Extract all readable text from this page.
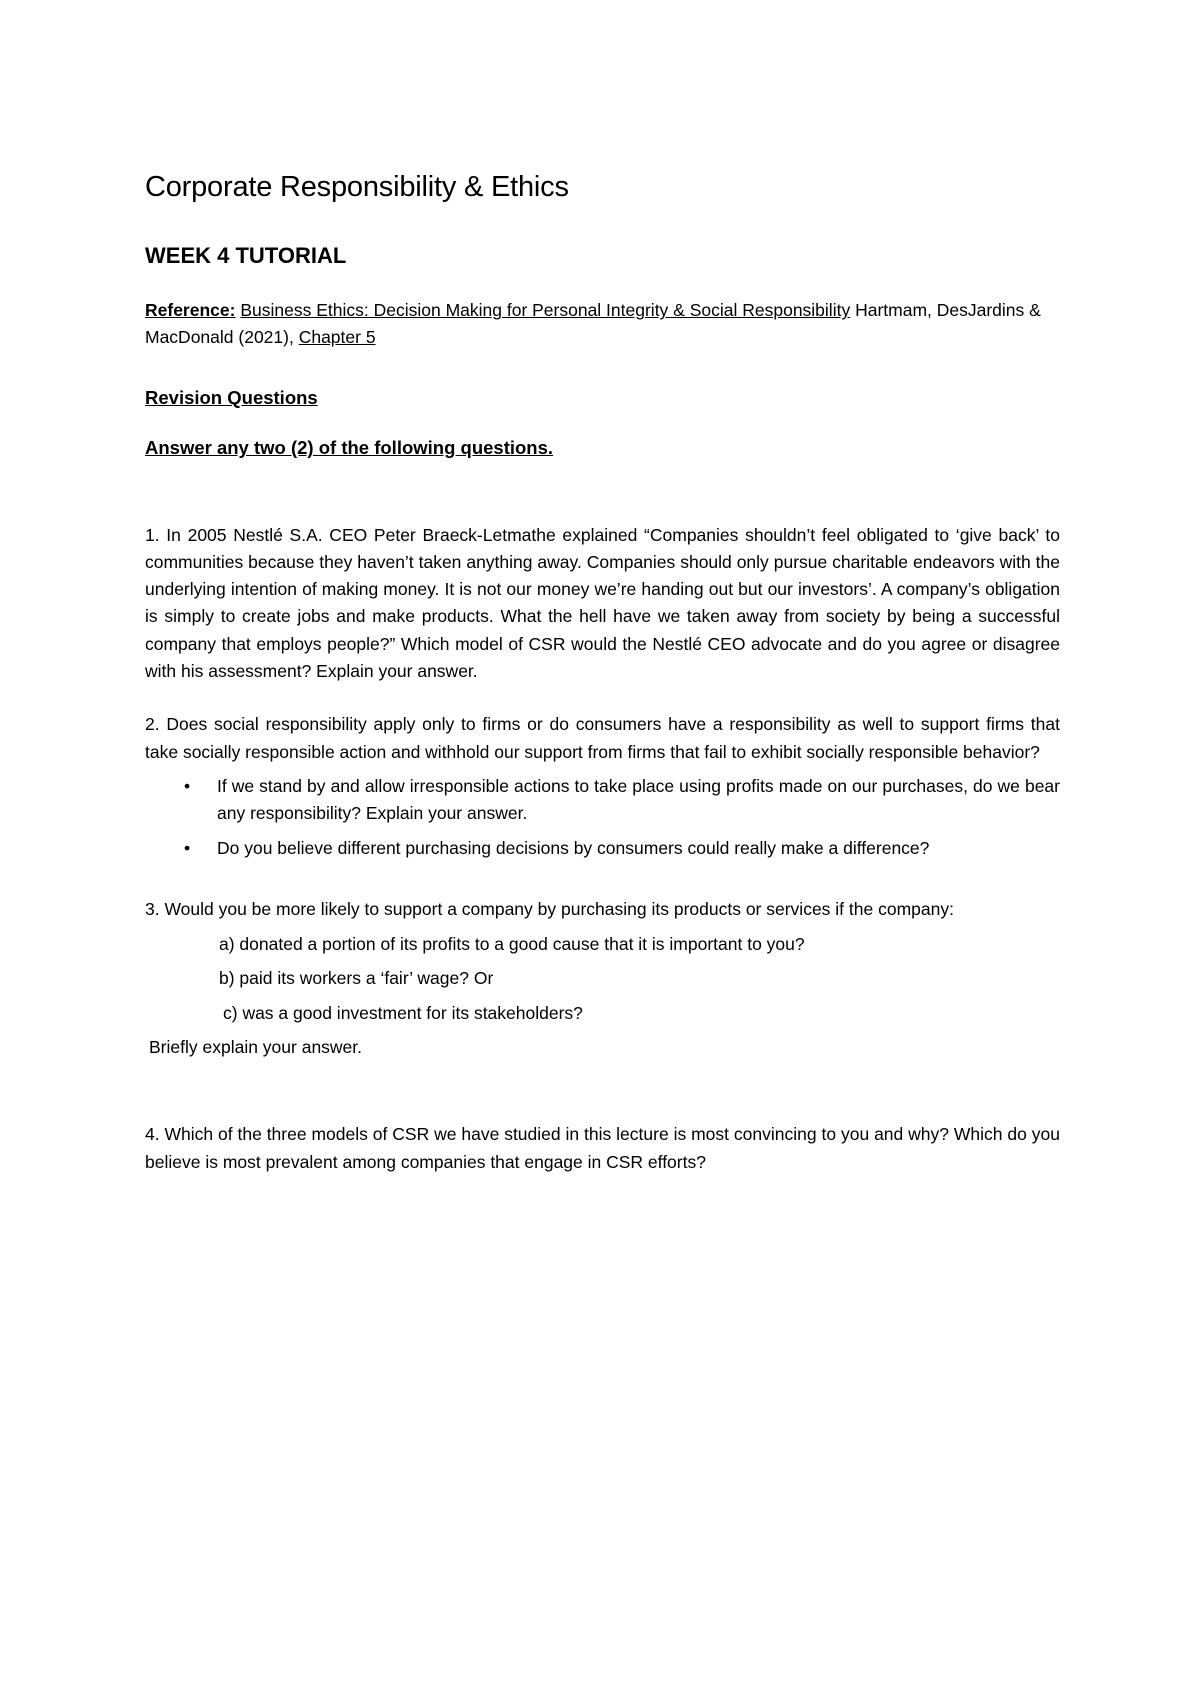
Corporate Responsibility & Ethics
WEEK 4 TUTORIAL

Reference: Business Ethics: Decision Making for Personal Integrity & Social Responsibility Hartmam, DesJardins & MacDonald (2021), Chapter 5

Revision Questions
Answer any two (2) of the following questions.

1. In 2005 Nestlé S.A. CEO Peter Braeck-Letmathe explained “Companies shouldn’t feel obligated to ‘give back’ to communities because they haven’t taken anything away. Companies should only pursue charitable endeavors with the underlying intention of making money. It is not our money we’re handing out but our investors’. A company’s obligation is simply to create jobs and make products. What the hell have we taken away from society by being a successful company that employs people?” Which model of CSR would the Nestlé CEO advocate and do you agree or disagree with his assessment? Explain your answer.

2. Does social responsibility apply only to firms or do consumers have a responsibility as well to support firms that take socially responsible action and withhold our support from firms that fail to exhibit socially responsible behavior?

• If we stand by and allow irresponsible actions to take place using profits made on our purchases, do we bear any responsibility? Explain your answer.
• Do you believe different purchasing decisions by consumers could really make a difference?

3. Would you be more likely to support a company by purchasing its products or services if the company:

a) donated a portion of its profits to a good cause that it is important to you?
b) paid its workers a ‘fair’ wage? Or
c) was a good investment for its stakeholders?

Briefly explain your answer.

4. Which of the three models of CSR we have studied in this lecture is most convincing to you and why? Which do you believe is most prevalent among companies that engage in CSR efforts?
